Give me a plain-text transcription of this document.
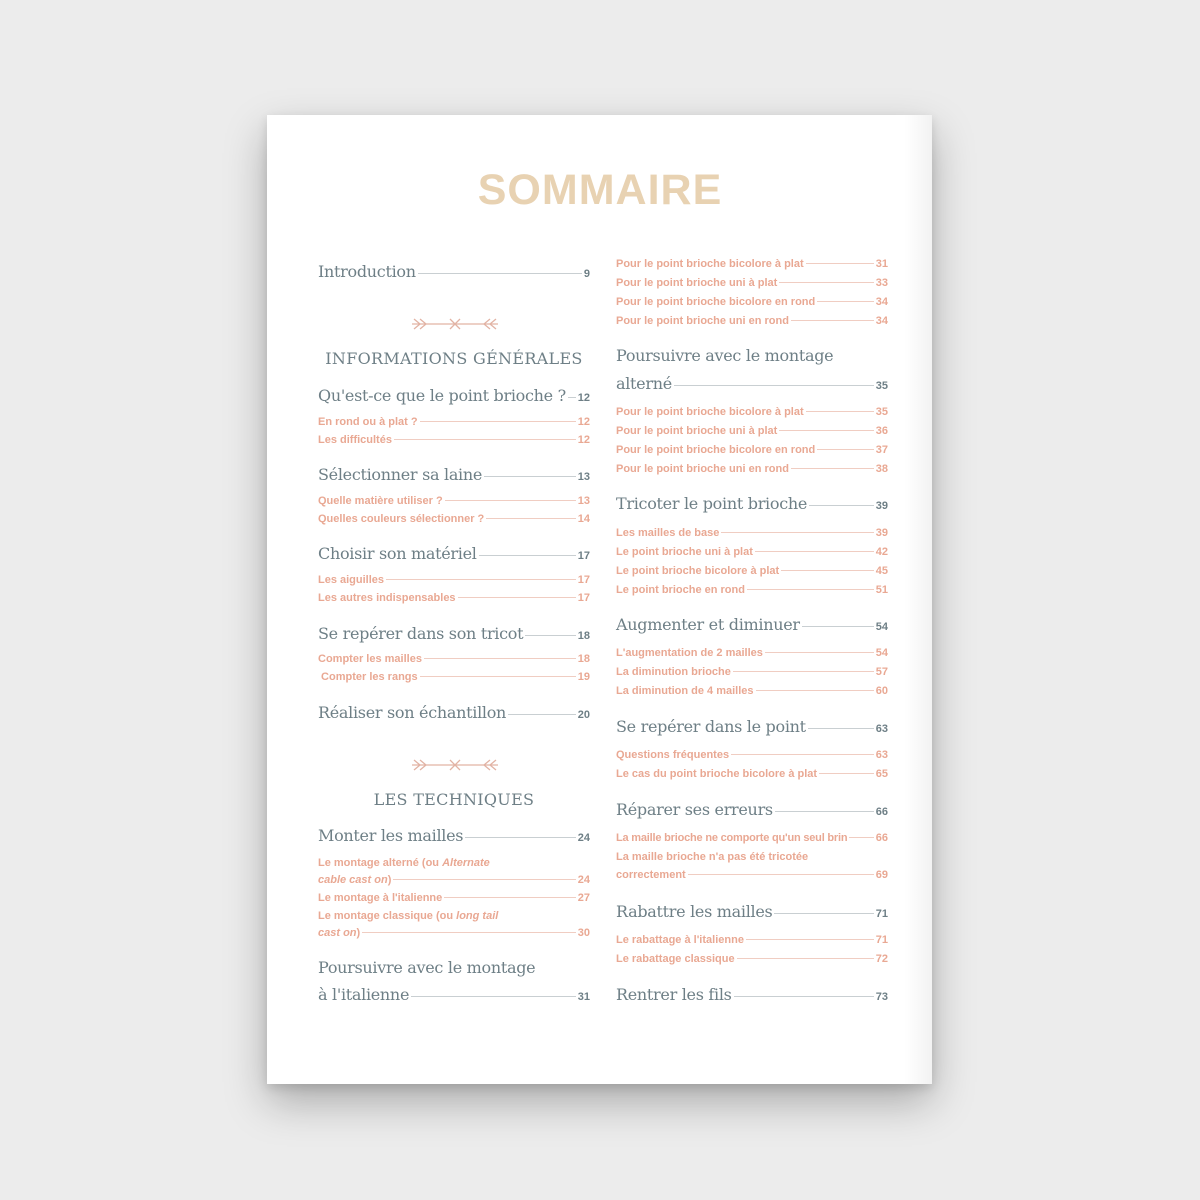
SOMMAIRE
Introduction	9
INFORMATIONS GÉNÉRALES
Qu'est-ce que le point brioche ? 12
En rond ou à plat ?	12
Les difficultés	12
Sélectionner sa laine	13
Quelle matière utiliser ?	13
Quelles couleurs sélectionner ?	14
Choisir son matériel	17
Les aiguilles	17
Les autres indispensables	17
Se repérer dans son tricot	18
Compter les mailles	18
Compter les rangs	19
Réaliser son échantillon	20
LES TECHNIQUES
Monter les mailles	24
Le montage alterné (ou Alternate
cable cast on)	24
Le montage à l'italienne	27
Le montage classique (ou long tail
cast on)	30
Poursuivre avec le montage
à l'italienne	31
Pour le point brioche bicolore à plat	31
Pour le point brioche uni à plat	33
Pour le point brioche bicolore en rond	34
Pour le point brioche uni en rond	34
Poursuivre avec le montage
alterné	35
Pour le point brioche bicolore à plat	35
Pour le point brioche uni à plat	36
Pour le point brioche bicolore en rond	37
Pour le point brioche uni en rond	38
Tricoter le point brioche	39
Les mailles de base	39
Le point brioche uni à plat	42
Le point brioche bicolore à plat	45
Le point brioche en rond	51
Augmenter et diminuer	54
L'augmentation de 2 mailles	54
La diminution brioche	57
La diminution de 4 mailles	60
Se repérer dans le point	63
Questions fréquentes	63
Le cas du point brioche bicolore à plat	65
Réparer ses erreurs	66
La maille brioche ne comporte qu'un seul brin	66
La maille brioche n'a pas été tricotée
correctement	69
Rabattre les mailles	71
Le rabattage à l'italienne	71
Le rabattage classique	72
Rentrer les fils	73
